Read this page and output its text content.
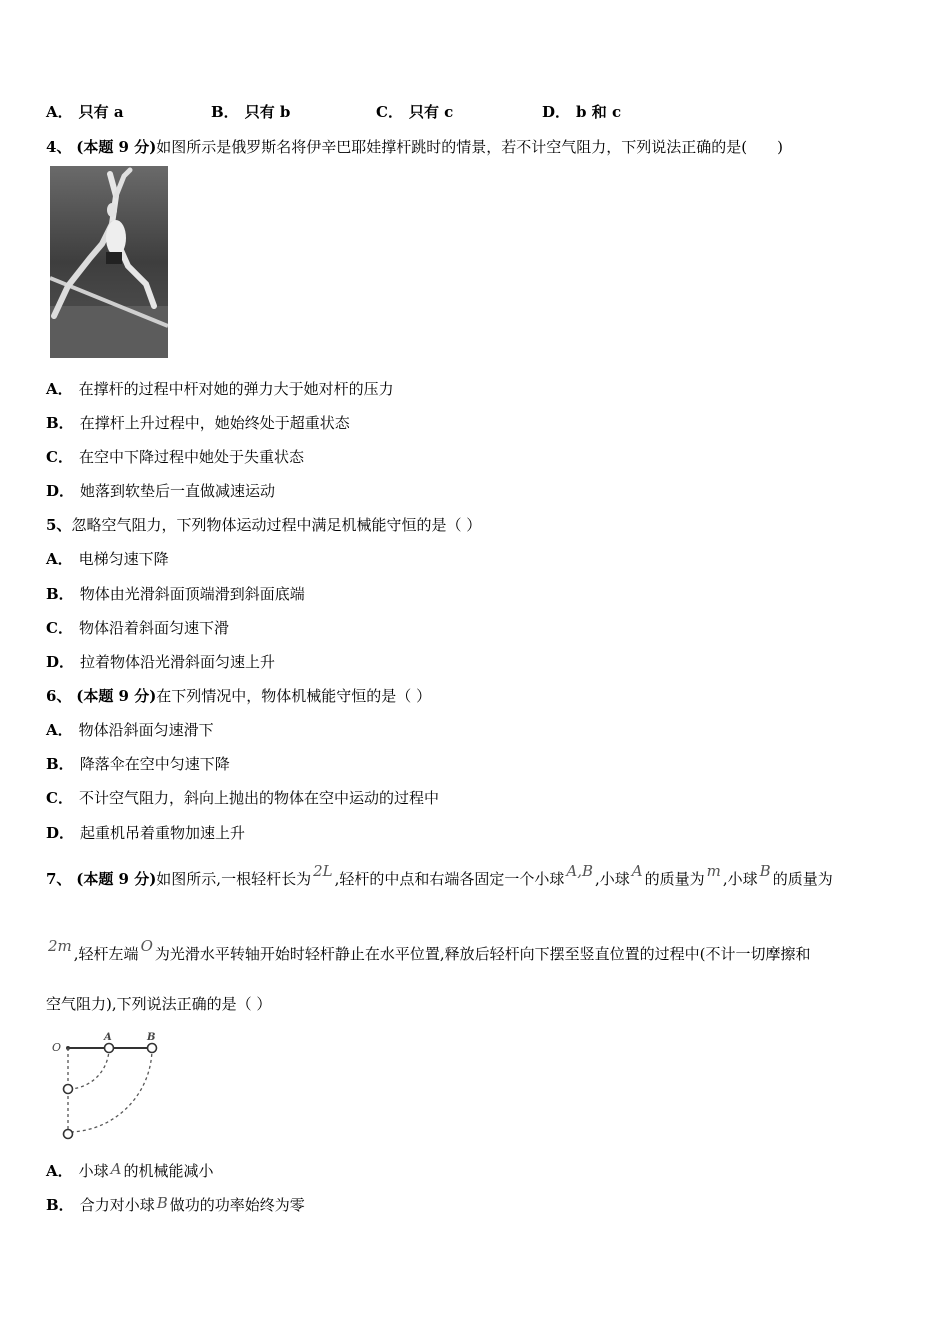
A． 只有 a	B． 只有 b	C． 只有 c	D． b 和 c
4、 (本题 9 分)如图所示是俄罗斯名将伊辛巴耶娃撑杆跳时的情景，若不计空气阻力，下列说法正确的是(　　)
A． 在撑杆的过程中杆对她的弹力大于她对杆的压力
B． 在撑杆上升过程中，她始终处于超重状态
C． 在空中下降过程中她处于失重状态
D． 她落到软垫后一直做减速运动
5、忽略空气阻力，下列物体运动过程中满足机械能守恒的是（ ）
A． 电梯匀速下降
B． 物体由光滑斜面顶端滑到斜面底端
C． 物体沿着斜面匀速下滑
D． 拉着物体沿光滑斜面匀速上升
6、 (本题 9 分)在下列情况中，物体机械能守恒的是（ ）
A． 物体沿斜面匀速滑下
B． 降落伞在空中匀速下降
C． 不计空气阻力，斜向上抛出的物体在空中运动的过程中
D． 起重机吊着重物加速上升
7、 (本题 9 分)如图所示,一根轻杆长为 2L ,轻杆的中点和右端各固定一个小球 A,B ,小球 A 的质量为 m ,小球 B 的质量为
2m ,轻杆左端 O 为光滑水平转轴开始时轻杆静止在水平位置,释放后轻杆向下摆至竖直位置的过程中(不计一切摩擦和
空气阻力),下列说法正确的是（ ）
O
A	B
A． 小球 A 的机械能减小
B． 合力对小球 B 做功的功率始终为零
